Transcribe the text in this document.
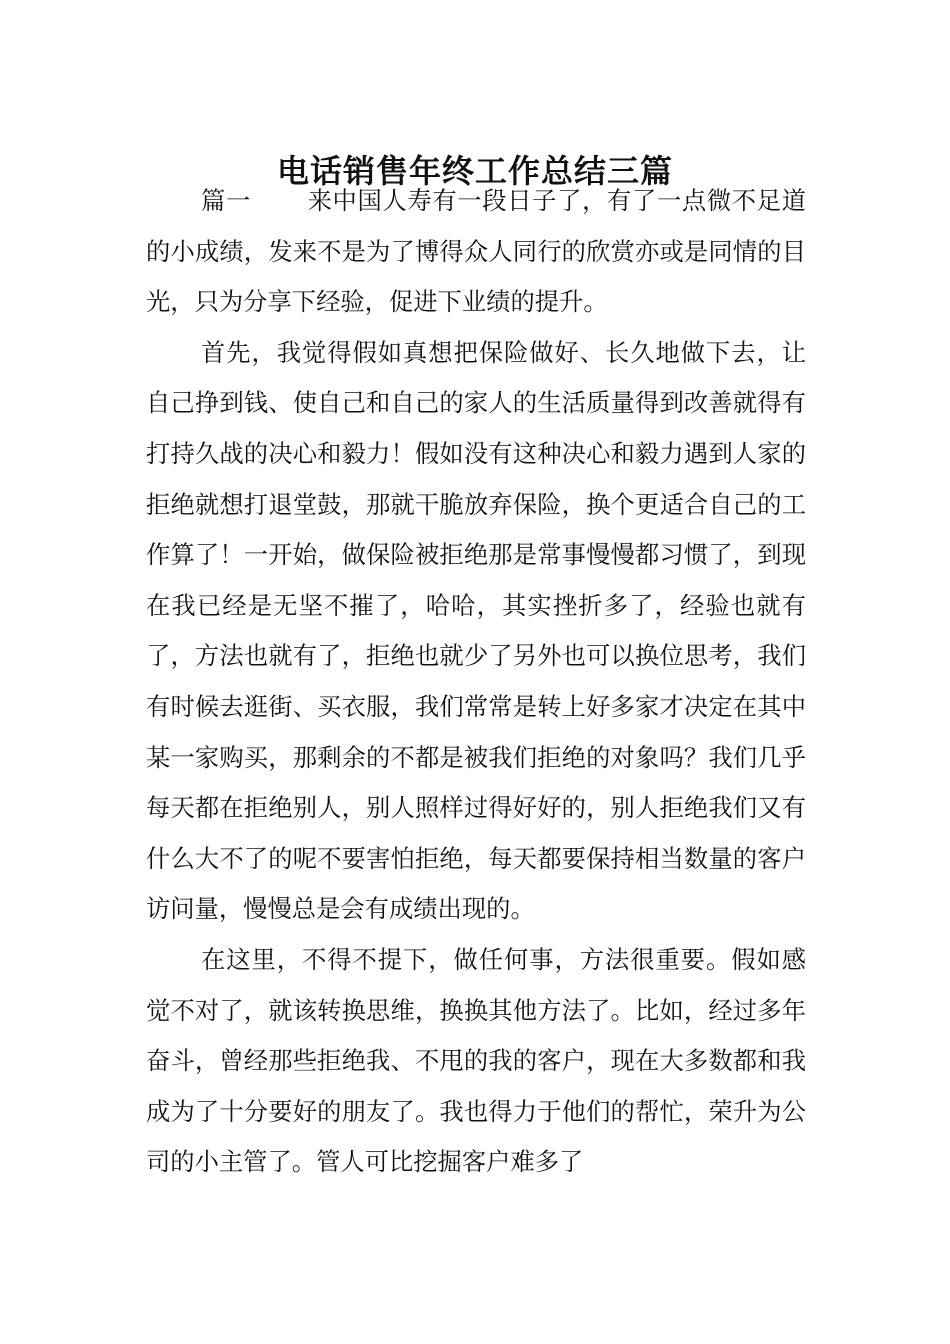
电话销售年终工作总结三篇

篇一 来中国人寿有一段日子了，有了一点微不足道的小成绩，发来不是为了博得众人同行的欣赏亦或是同情的目光，只为分享下经验，促进下业绩的提升。

首先，我觉得假如真想把保险做好、长久地做下去，让自己挣到钱、使自己和自己的家人的生活质量得到改善就得有打持久战的决心和毅力！假如没有这种决心和毅力遇到人家的拒绝就想打退堂鼓，那就干脆放弃保险，换个更适合自己的工作算了！一开始，做保险被拒绝那是常事慢慢都习惯了，到现在我已经是无坚不摧了，哈哈，其实挫折多了，经验也就有了，方法也就有了，拒绝也就少了另外也可以换位思考，我们有时候去逛街、买衣服，我们常常是转上好多家才决定在其中某一家购买，那剩余的不都是被我们拒绝的对象吗？我们几乎每天都在拒绝别人，别人照样过得好好的，别人拒绝我们又有什么大不了的呢不要害怕拒绝，每天都要保持相当数量的客户访问量，慢慢总是会有成绩出现的。

在这里，不得不提下，做任何事，方法很重要。假如感觉不对了，就该转换思维，换换其他方法了。比如，经过多年奋斗，曾经那些拒绝我、不甩的我的客户，现在大多数都和我成为了十分要好的朋友了。我也得力于他们的帮忙，荣升为公司的小主管了。管人可比挖掘客户难多了
